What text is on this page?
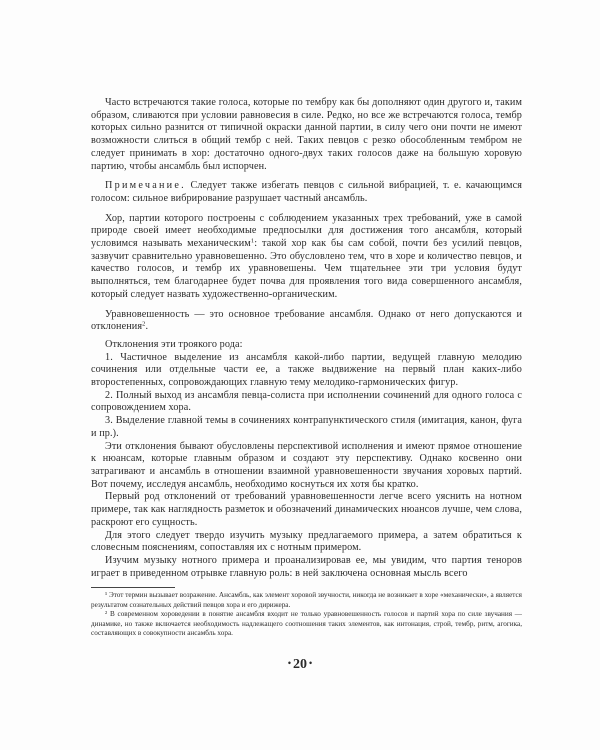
Часто встречаются такие голоса, которые по тембру как бы дополняют один другого и, таким образом, сливаются при условии равновесия в силе. Редко, но все же встречаются голоса, тембр которых сильно разнится от типичной окраски данной партии, в силу чего они почти не имеют возможности слиться в общий тембр с ней. Таких певцов с резко обособленным тембром не следует принимать в хор: достаточно одного-двух таких голосов даже на большую хоровую партию, чтобы ансамбль был испорчен.

Примечание. Следует также избегать певцов с сильной вибрацией, т. е. качающимся голосом: сильное вибрирование разрушает частный ансамбль.

Хор, партии которого построены с соблюдением указанных трех требований, уже в самой природе своей имеет необходимые предпосылки для достижения того ансамбля, который условимся называть механическим$^1$: такой хор как бы сам собой, почти без усилий певцов, зазвучит сравнительно уравновешенно. Это обусловлено тем, что в хоре и количество певцов, и качество голосов, и тембр их уравновешены. Чем тщательнее эти три условия будут выполняться, тем благодарнее будет почва для проявления того вида совершенного ансамбля, который следует назвать художественно-органическим.

Уравновешенность — это основное требование ансамбля. Однако от него допускаются и отклонения$^2$.

Отклонения эти троякого рода:

1. Частичное выделение из ансамбля какой-либо партии, ведущей главную мелодию сочинения или отдельные части ее, а также выдвижение на первый план каких-либо второстепенных, сопровождающих главную тему мелодико-гармонических фигур.

2. Полный выход из ансамбля певца-солиста при исполнении сочинений для одного голоса с сопровождением хора.

3. Выделение главной темы в сочинениях контрапунктического стиля (имитация, канон, фуга и пр.).

Эти отклонения бывают обусловлены перспективой исполнения и имеют прямое отношение к нюансам, которые главным образом и создают эту перспективу. Однако косвенно они затрагивают и ансамбль в отношении взаимной уравновешенности звучания хоровых партий. Вот почему, исследуя ансамбль, необходимо коснуться их хотя бы кратко.

Первый род отклонений от требований уравновешенности легче всего уяснить на нотном примере, так как наглядность разметок и обозначений динамических нюансов лучше, чем слова, раскроют его сущность.

Для этого следует твердо изучить музыку предлагаемого примера, а затем обратиться к словесным пояснениям, сопоставляя их с нотным примером.

Изучим музыку нотного примера и проанализировав ее, мы увидим, что партия теноров играет в приведенном отрывке главную роль: в ней заключена основная мысль всего

¹ Этот термин вызывает возражение. Ансамбль, как элемент хоровой звучности, никогда не возникает в хоре «механически», а является результатом сознательных действий певцов хора и его дирижера.

² В современном хороведении в понятие ансамбля входит не только уравновешенность голосов и партий хора по силе звучания — динамике, но также включается необходимость надлежащего соотношения таких элементов, как интонация, строй, тембр, ритм, агогика, составляющих в совокупности ансамбль хора.

• 20 •
